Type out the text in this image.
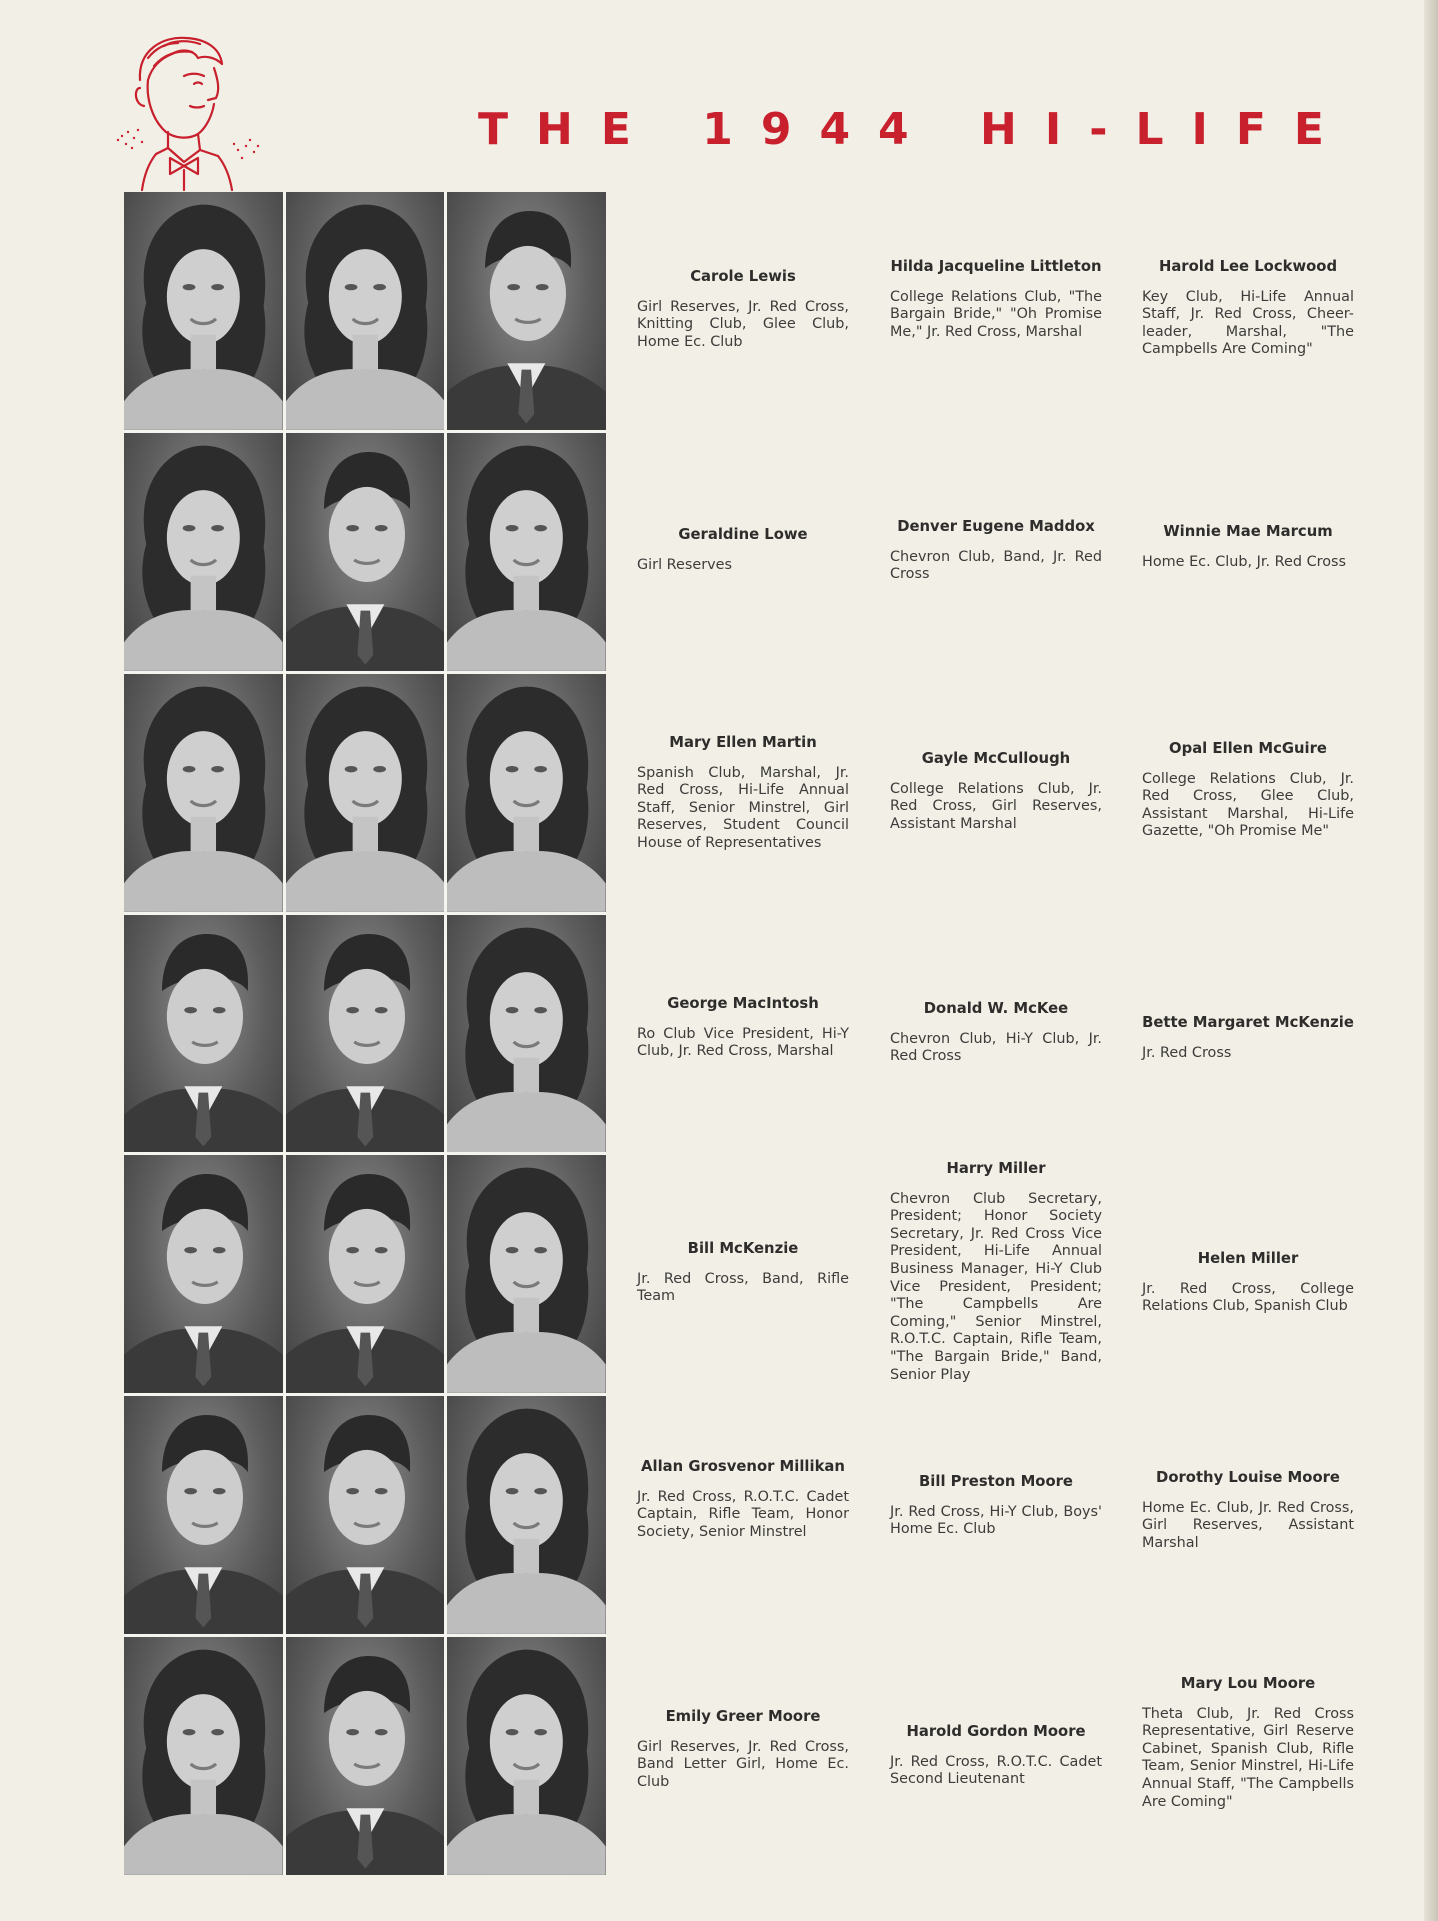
THE 1944 HI-LIFE

Carole Lewis

Girl Reserves, Jr. Red Cross, Knitting Club, Glee Club, Home Ec. Club

Hilda Jacqueline Littleton

College Relations Club, "The Bargain Bride," "Oh Promise Me," Jr. Red Cross, Marshal

Harold Lee Lockwood

Key Club, Hi-Life Annual Staff, Jr. Red Cross, Cheer-leader, Marshal, "The Campbells Are Coming"

Geraldine Lowe

Girl Reserves

Denver Eugene Maddox

Chevron Club, Band, Jr. Red Cross

Winnie Mae Marcum

Home Ec. Club, Jr. Red Cross

Mary Ellen Martin

Spanish Club, Marshal, Jr. Red Cross, Hi-Life Annual Staff, Senior Minstrel, Girl Reserves, Student Council House of Representatives

Gayle McCullough

College Relations Club, Jr. Red Cross, Girl Reserves, Assistant Marshal

Opal Ellen McGuire

College Relations Club, Jr. Red Cross, Glee Club, Assistant Marshal, Hi-Life Gazette, "Oh Promise Me"

George MacIntosh

Ro Club Vice President, Hi-Y Club, Jr. Red Cross, Marshal

Donald W. McKee

Chevron Club, Hi-Y Club, Jr. Red Cross

Bette Margaret McKenzie

Jr. Red Cross

Bill McKenzie

Jr. Red Cross, Band, Rifle Team

Harry Miller

Chevron Club Secretary, President; Honor Society Secretary, Jr. Red Cross Vice President, Hi-Life Annual Business Manager, Hi-Y Club Vice President, President; "The Campbells Are Coming," Senior Minstrel, R.O.T.C. Captain, Rifle Team, "The Bargain Bride," Band, Senior Play

Helen Miller

Jr. Red Cross, College Relations Club, Spanish Club

Allan Grosvenor Millikan

Jr. Red Cross, R.O.T.C. Cadet Captain, Rifle Team, Honor Society, Senior Minstrel

Bill Preston Moore

Jr. Red Cross, Hi-Y Club, Boys' Home Ec. Club

Dorothy Louise Moore

Home Ec. Club, Jr. Red Cross, Girl Reserves, Assistant Marshal

Emily Greer Moore

Girl Reserves, Jr. Red Cross, Band Letter Girl, Home Ec. Club

Harold Gordon Moore

Jr. Red Cross, R.O.T.C. Cadet Second Lieutenant

Mary Lou Moore

Theta Club, Jr. Red Cross Representative, Girl Reserve Cabinet, Spanish Club, Rifle Team, Senior Minstrel, Hi-Life Annual Staff, "The Campbells Are Coming"
